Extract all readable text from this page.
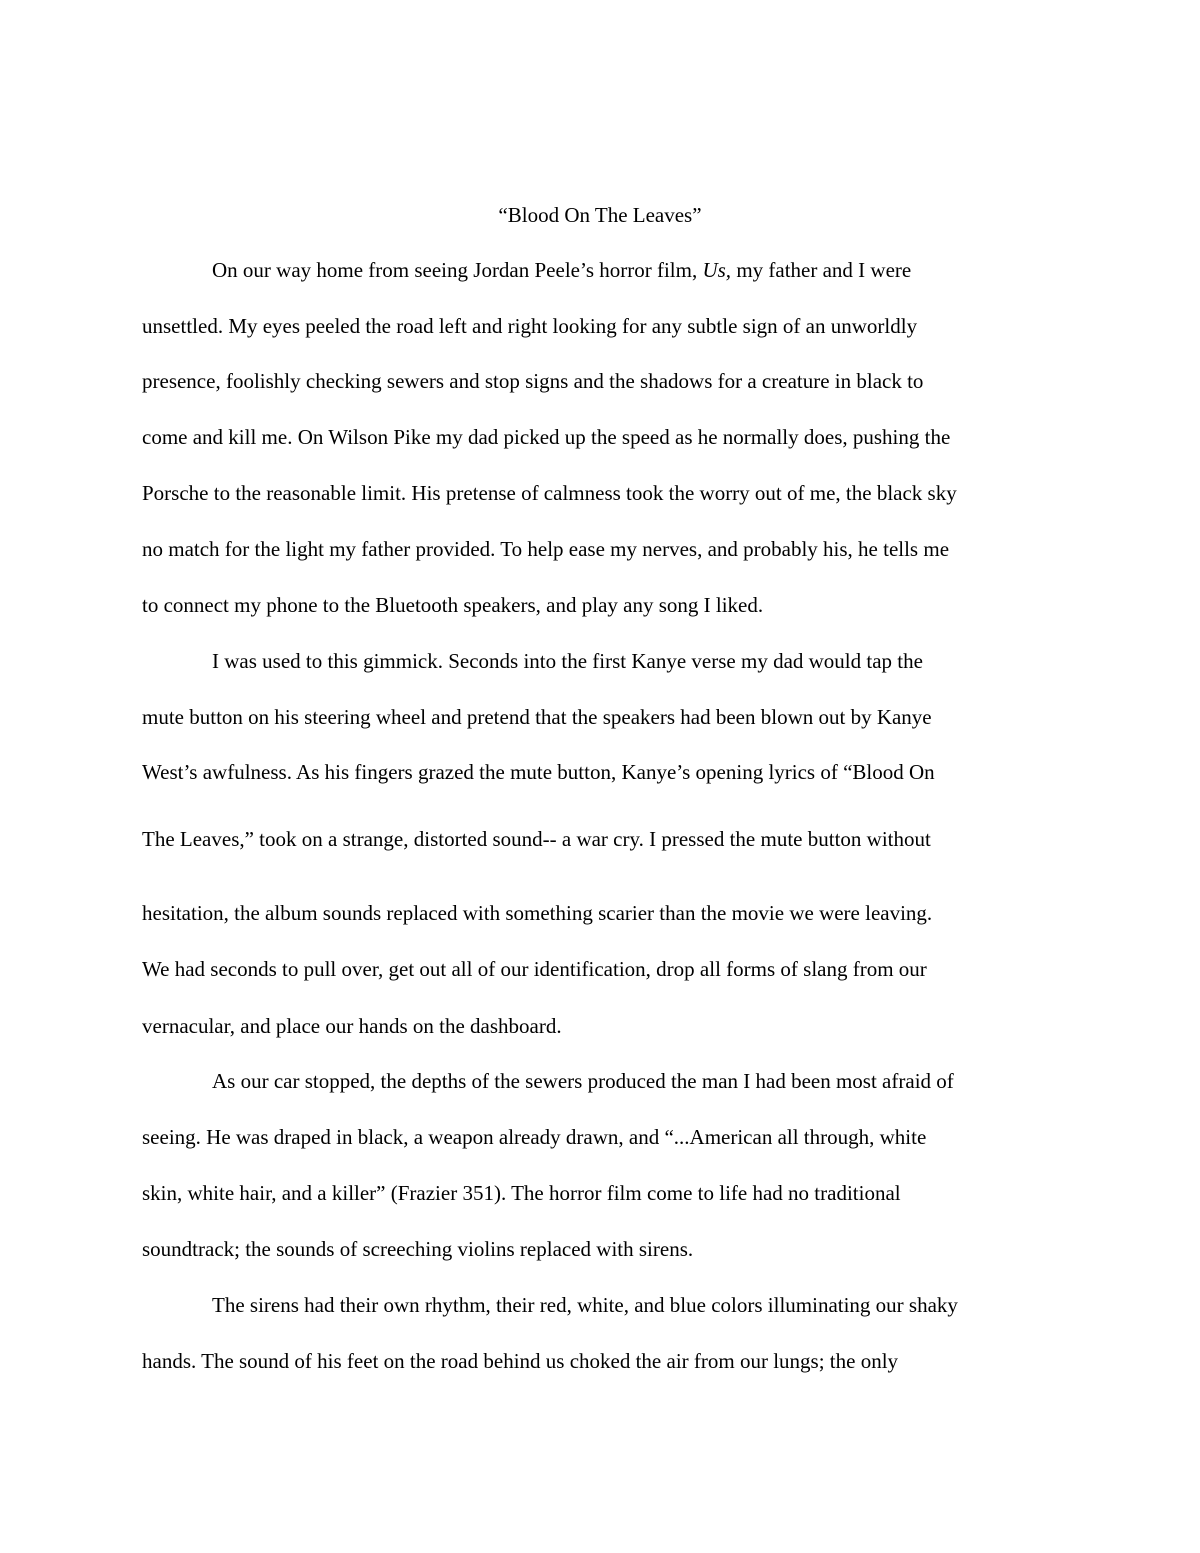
“Blood On The Leaves”
On our way home from seeing Jordan Peele’s horror film, Us, my father and I were
unsettled. My eyes peeled the road left and right looking for any subtle sign of an unworldly
presence, foolishly checking sewers and stop signs and the shadows for a creature in black to
come and kill me. On Wilson Pike my dad picked up the speed as he normally does, pushing the
Porsche to the reasonable limit. His pretense of calmness took the worry out of me, the black sky
no match for the light my father provided. To help ease my nerves, and probably his, he tells me
to connect my phone to the Bluetooth speakers, and play any song I liked.
I was used to this gimmick. Seconds into the first Kanye verse my dad would tap the
mute button on his steering wheel and pretend that the speakers had been blown out by Kanye
West’s awfulness. As his fingers grazed the mute button, Kanye’s opening lyrics of “Blood On
The Leaves,” took on a strange, distorted sound-- a war cry. I pressed the mute button without
hesitation, the album sounds replaced with something scarier than the movie we were leaving.
We had seconds to pull over, get out all of our identification, drop all forms of slang from our
vernacular, and place our hands on the dashboard.
As our car stopped, the depths of the sewers produced the man I had been most afraid of
seeing. He was draped in black, a weapon already drawn, and “...American all through, white
skin, white hair, and a killer” (Frazier 351). The horror film come to life had no traditional
soundtrack; the sounds of screeching violins replaced with sirens.
The sirens had their own rhythm, their red, white, and blue colors illuminating our shaky
hands. The sound of his feet on the road behind us choked the air from our lungs; the only
